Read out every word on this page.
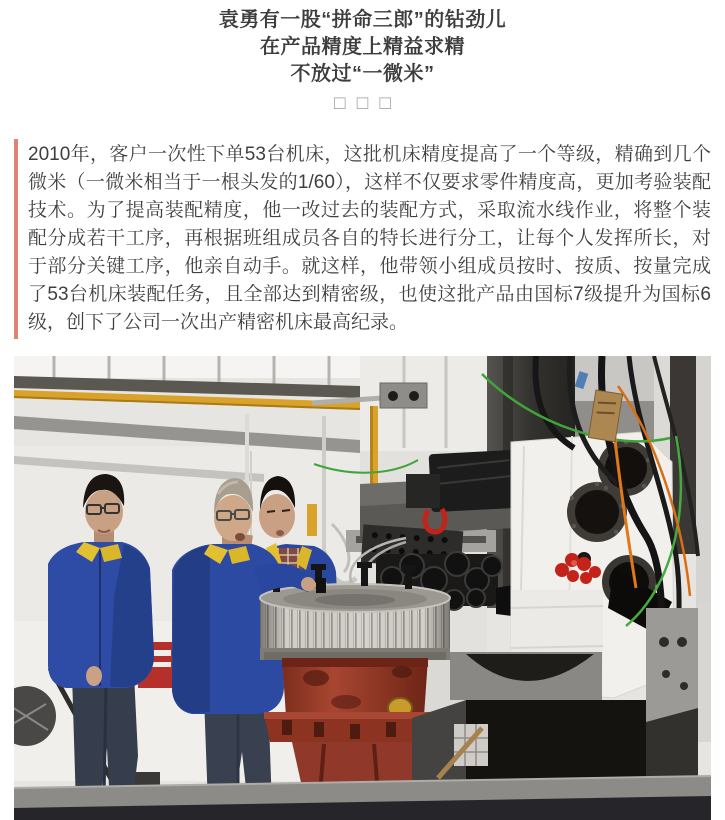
袁勇有一股“拼命三郎”的钻劲儿
在产品精度上精益求精
不放过“一微米”
□ □ □

2010年，客户一次性下单53台机床，这批机床精度提高了一个等级，精确到几个微米（一微米相当于一根头发的1/60），这样不仅要求零件精度高，更加考验装配技术。为了提高装配精度，他一改过去的装配方式，采取流水线作业，将整个装配分成若干工序，再根据班组成员各自的特长进行分工，让每个人发挥所长，对于部分关键工序，他亲自动手。就这样，他带领小组成员按时、按质、按量完成了53台机床装配任务，且全部达到精密级，也使这批产品由国标7级提升为国标6级，创下了公司一次出产精密机床最高纪录。
